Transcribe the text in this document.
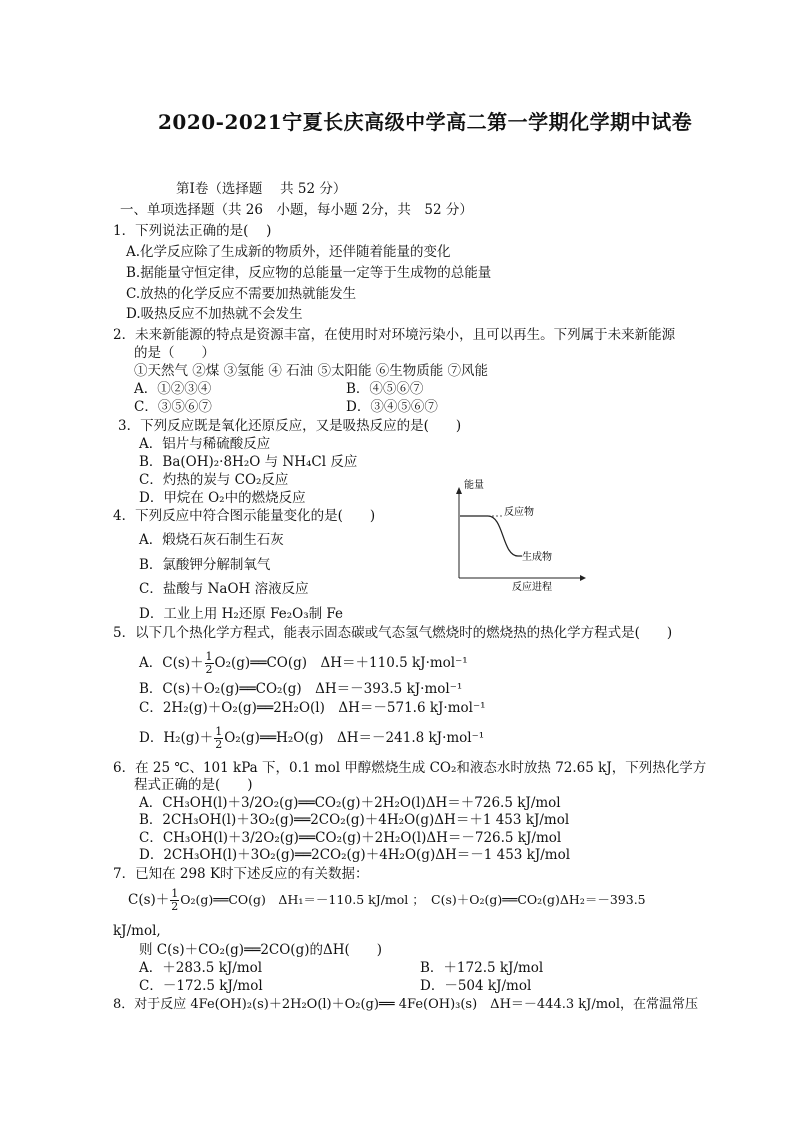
2020-2021宁夏长庆高级中学高二第一学期化学期中试卷
第Ⅰ卷（选择题　 共 52 分）
一、单项选择题（共 26　小题，每小题 2分，共　52 分）
1．下列说法正确的是(　 )
A.化学反应除了生成新的物质外，还伴随着能量的变化
B.据能量守恒定律，反应物的总能量一定等于生成物的总能量
C.放热的化学反应不需要加热就能发生
D.吸热反应不加热就不会发生
2．未来新能源的特点是资源丰富，在使用时对环境污染小，且可以再生。下列属于未来新能源
的是（　　）
①天然气 ②煤 ③氢能 ④ 石油 ⑤太阳能 ⑥生物质能 ⑦风能
A．①②③④	B．④⑤⑥⑦
C．③⑤⑥⑦	D．③④⑤⑥⑦
3．下列反应既是氧化还原反应，又是吸热反应的是(　　)
A．铝片与稀硫酸反应
B．Ba(OH)₂·8H₂O 与 NH₄Cl 反应
C．灼热的炭与 CO₂反应
D．甲烷在 O₂中的燃烧反应
4．下列反应中符合图示能量变化的是(　　)
A．煅烧石灰石制生石灰
B．氯酸钾分解制氧气
C．盐酸与 NaOH 溶液反应
D．工业上用 H₂还原 Fe₂O₃制 Fe
能量
反应物
生成物
反应进程
5．以下几个热化学方程式，能表示固态碳或气态氢气燃烧时的燃烧热的热化学方程式是(　　)
A．$C(s)+ \frac{1}{2}$ O₂(g)══CO(g)　ΔH＝＋110.5 kJ·mol⁻¹
B．C(s)＋O₂(g)══CO₂(g)　ΔH＝－393.5 kJ·mol⁻¹
C．2H₂(g)＋O₂(g)══2H₂O(l)　ΔH＝－571.6 kJ·mol⁻¹
D．$H_2(g)+ \frac{1}{2}$ O₂(g)══H₂O(g)　ΔH＝－241.8 kJ·mol⁻¹
6．在 25 ℃、101 kPa 下，0.1 mol 甲醇燃烧生成 CO₂和液态水时放热 72.65 kJ，下列热化学方
程式正确的是(　　)
A．CH₃OH(l)＋3/2O₂(g)══CO₂(g)＋2H₂O(l)ΔH＝＋726.5 kJ/mol
B．2CH₃OH(l)＋3O₂(g)══2CO₂(g)＋4H₂O(g)ΔH＝＋1 453 kJ/mol
C．CH₃OH(l)＋3/2O₂(g)══CO₂(g)＋2H₂O(l)ΔH＝－726.5 kJ/mol
D．2CH₃OH(l)＋3O₂(g)══2CO₂(g)＋4H₂O(g)ΔH＝－1 453 kJ/mol
7．已知在 298 K时下述反应的有关数据：
$C(s)+ \frac{1}{2}$ O₂(g)══CO(g)　ΔH₁＝－110.5 kJ/mol ；　C(s)＋O₂(g)══CO₂(g)ΔH₂＝－393.5
kJ/mol,
则 C(s)＋CO₂(g)══2CO(g)的ΔH(　　)
A．＋283.5 kJ/mol	B．＋172.5 kJ/mol
C．－172.5 kJ/mol	D．－504 kJ/mol
8．对于反应 4Fe(OH)₂(s)＋2H₂O(l)＋O₂(g)══ 4Fe(OH)₃(s)　ΔH＝－444.3 kJ/mol，在常温常压
